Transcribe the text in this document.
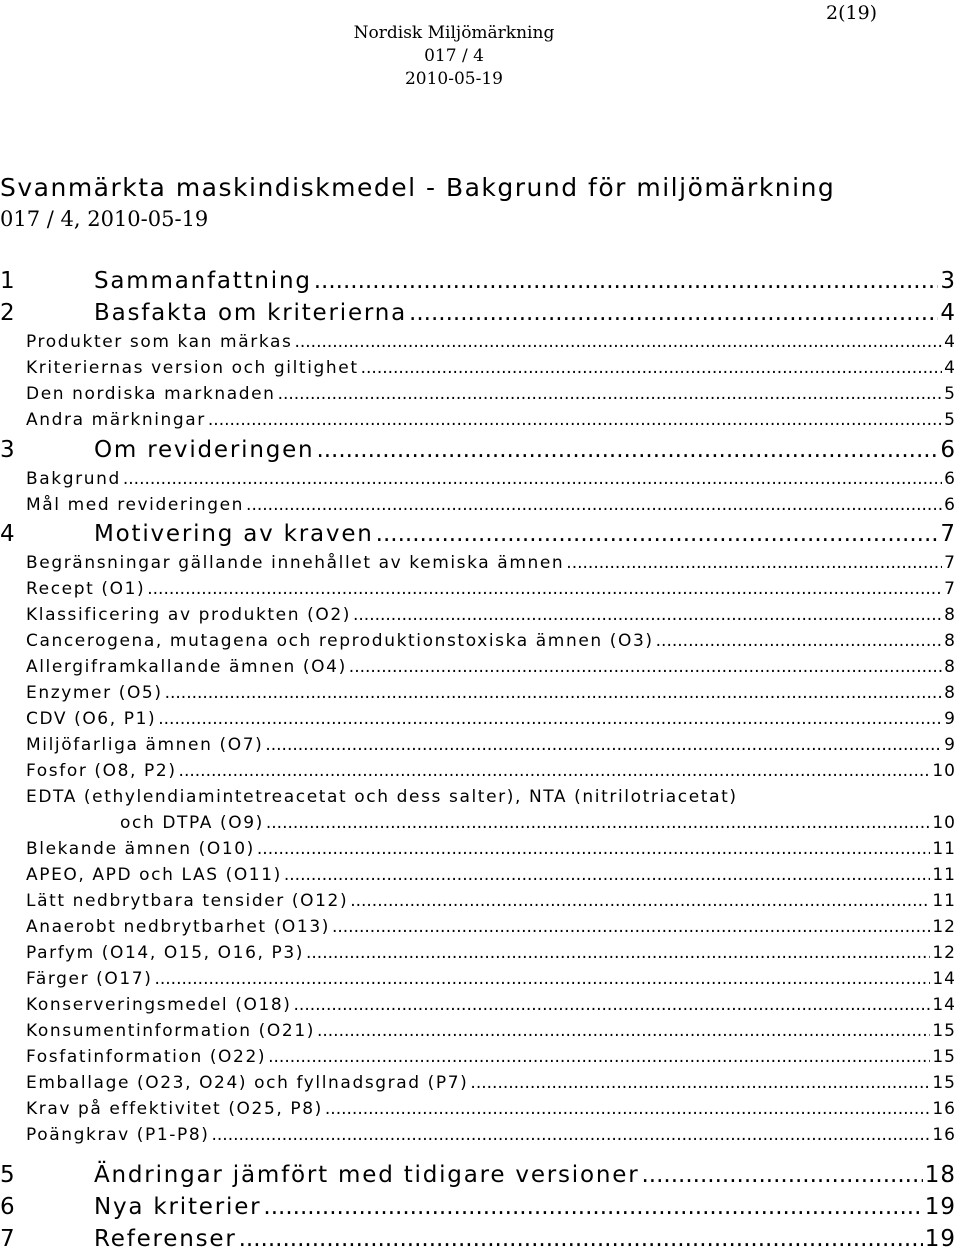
2(19)
Nordisk Miljömärkning
017 / 4
2010-05-19
Svanmärkta maskindiskmedel - Bakgrund för miljömärkning
017 / 4, 2010-05-19
1	Sammanfattning .....	3
2	Basfakta om kriterierna .....	4
Produkter som kan märkas .....	4
Kriteriernas version och giltighet .....	4
Den nordiska marknaden .....	5
Andra märkningar .....	5
3	Om revideringen .....	6
Bakgrund .....	6
Mål med revideringen .....	6
4	Motivering av kraven .....	7
Begränsningar gällande innehållet av kemiska ämnen .....	7
Recept (O1) .....	7
Klassificering av produkten (O2) .....	8
Cancerogena, mutagena och reproduktionstoxiska ämnen (O3) .....	8
Allergiframkallande ämnen (O4) .....	8
Enzymer (O5) .....	8
CDV (O6, P1) .....	9
Miljöfarliga ämnen (O7) .....	9
Fosfor (O8, P2) .....	10
EDTA (ethylendiamintetreacetat och dess salter), NTA (nitrilotriacetat)
och DTPA (O9) .....	10
Blekande ämnen (O10) .....	11
APEO, APD och LAS (O11) .....	11
Lätt nedbrytbara tensider (O12) .....	11
Anaerobt nedbrytbarhet (O13) .....	12
Parfym (O14, O15, O16, P3) .....	12
Färger (O17) .....	14
Konserveringsmedel (O18) .....	14
Konsumentinformation (O21) .....	15
Fosfatinformation (O22) .....	15
Emballage (O23, O24) och fyllnadsgrad (P7) .....	15
Krav på effektivitet (O25, P8) .....	16
Poängkrav (P1-P8) .....	16
5	Ändringar jämfört med tidigare versioner .....	18
6	Nya kriterier .....	19
7	Referenser .....	19
